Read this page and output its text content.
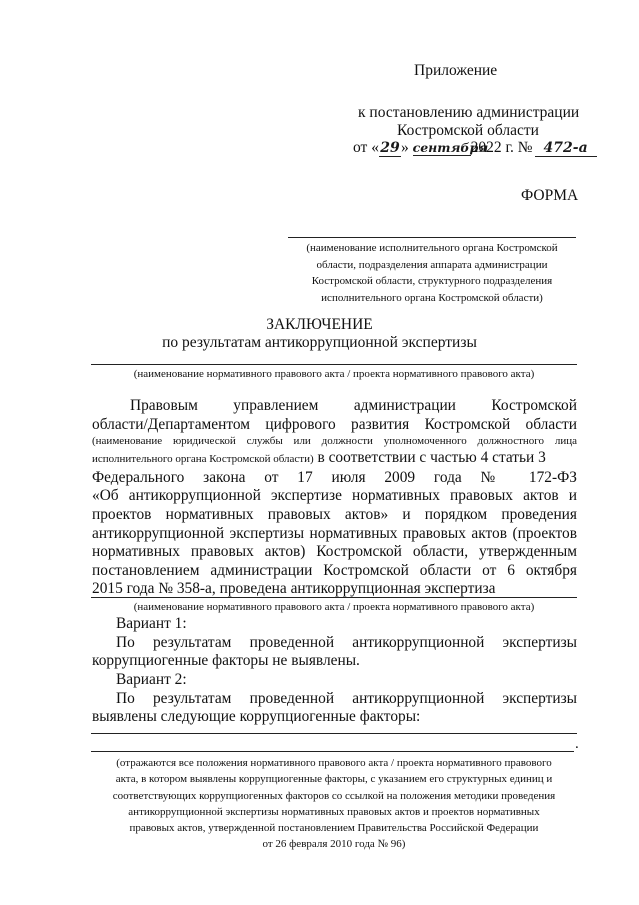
Приложение
к постановлению администрации
Костромской области
от «29» сентября2022 г. № 472-а
ФОРМА
(наименование исполнительного органа Костромской
области, подразделения аппарата администрации
Костромской области, структурного подразделения
исполнительного органа Костромской области)
ЗАКЛЮЧЕНИЕ
по результатам антикоррупционной экспертизы
(наименование нормативного правового акта / проекта нормативного правового акта)
Правовым управлением администрации Костромской
области/Департаментом цифрового развития Костромской области
(наименование юридической службы или должности уполномоченного должностного лица
исполнительного органа Костромской области) в соответствии с частью 4 статьи 3
Федерального закона от 17 июля 2009 года № 172-ФЗ
«Об антикоррупционной экспертизе нормативных правовых актов и
проектов нормативных правовых актов» и порядком проведения
антикоррупционной экспертизы нормативных правовых актов (проектов
нормативных правовых актов) Костромской области, утвержденным
постановлением администрации Костромской области от 6 октября
2015 года № 358-а, проведена антикоррупционная экспертиза
(наименование нормативного правового акта / проекта нормативного правового акта)
Вариант 1:
По результатам проведенной антикоррупционной экспертизы
коррупциогенные факторы не выявлены.
Вариант 2:
По результатам проведенной антикоррупционной экспертизы
выявлены следующие коррупциогенные факторы:
.
(отражаются все положения нормативного правового акта / проекта нормативного правового
акта, в котором выявлены коррупциогенные факторы, с указанием его структурных единиц и
соответствующих коррупциогенных факторов со ссылкой на положения методики проведения
антикоррупционной экспертизы нормативных правовых актов и проектов нормативных
правовых актов, утвержденной постановлением Правительства Российской Федерации
от 26 февраля 2010 года № 96)
